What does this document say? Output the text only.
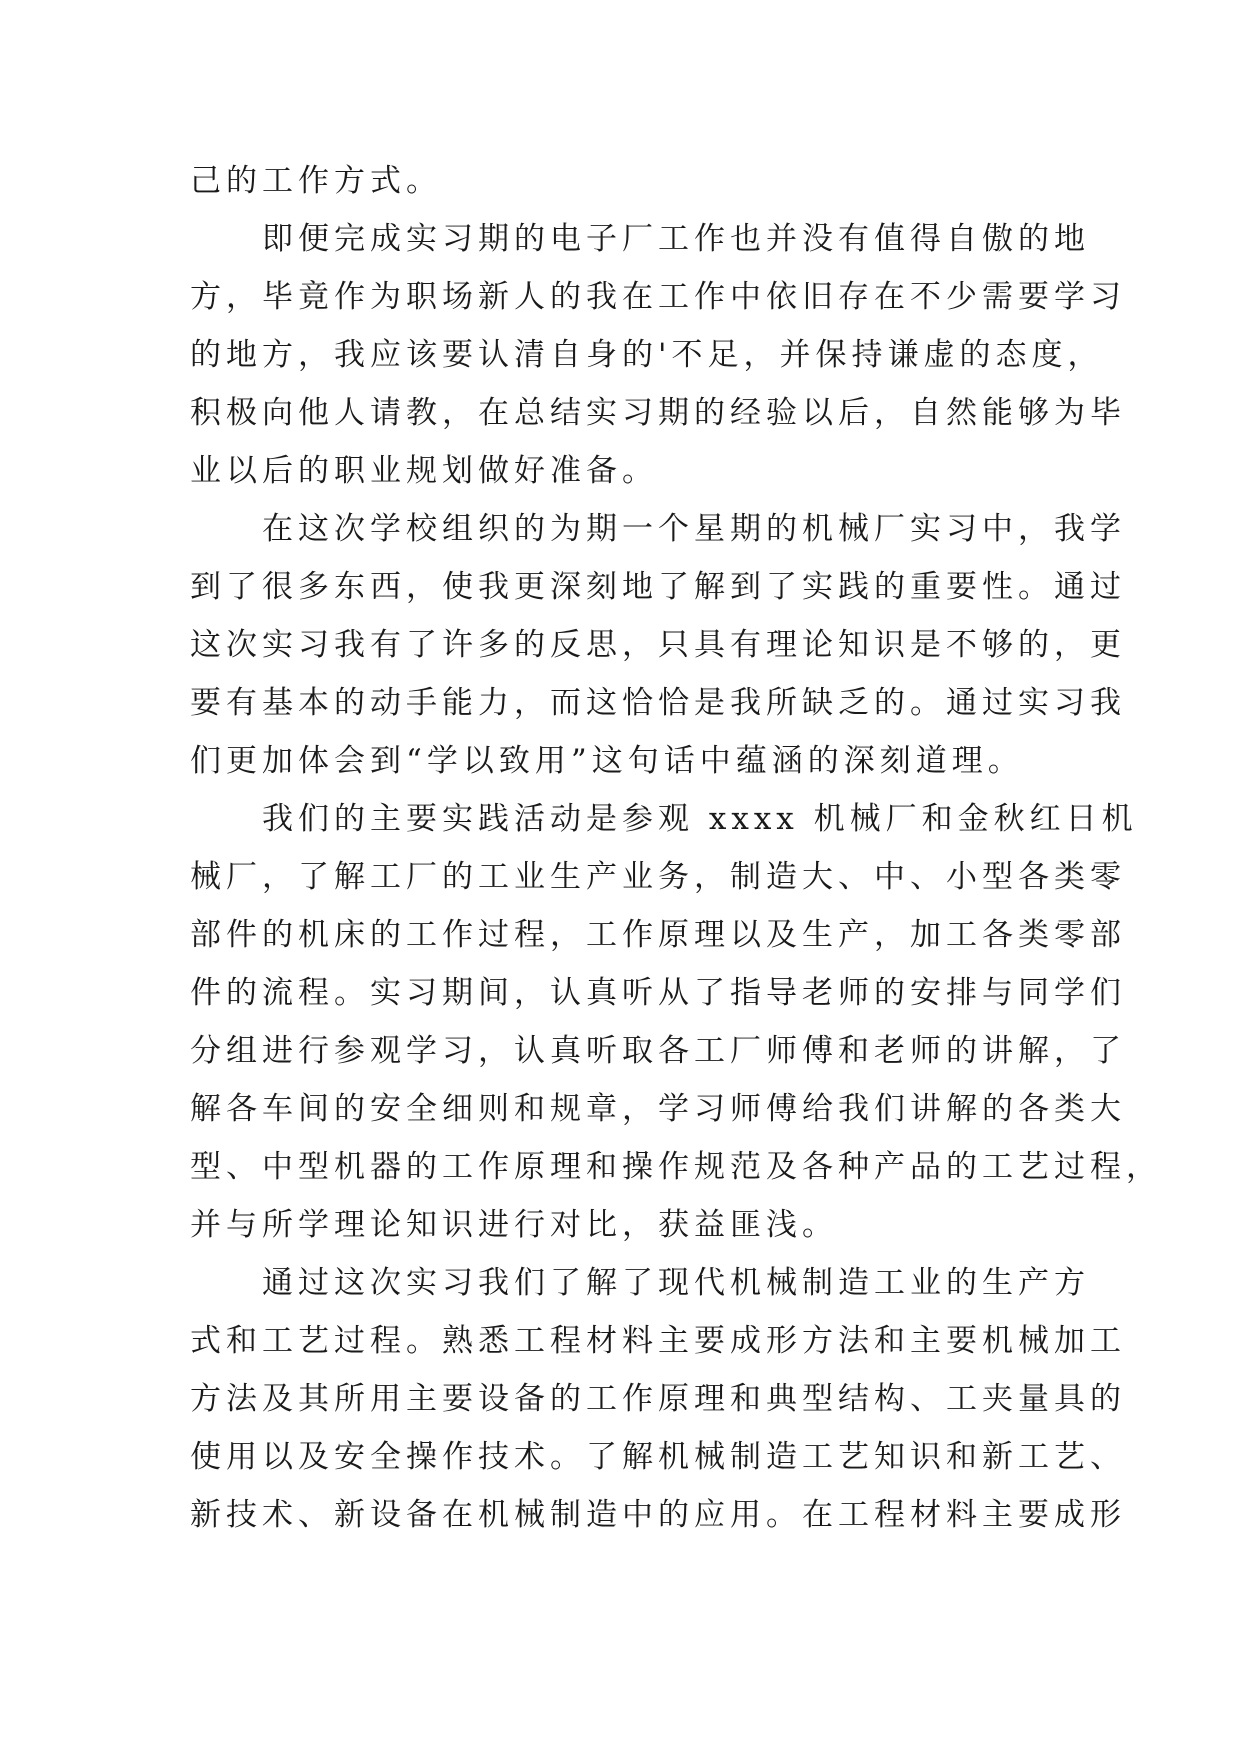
己的工作方式。
即便完成实习期的电子厂工作也并没有值得自傲的地
方，毕竟作为职场新人的我在工作中依旧存在不少需要学习
的地方，我应该要认清自身的'不足，并保持谦虚的态度，
积极向他人请教，在总结实习期的经验以后，自然能够为毕
业以后的职业规划做好准备。
在这次学校组织的为期一个星期的机械厂实习中，我学
到了很多东西，使我更深刻地了解到了实践的重要性。通过
这次实习我有了许多的反思，只具有理论知识是不够的，更
要有基本的动手能力，而这恰恰是我所缺乏的。通过实习我
们更加体会到“学以致用”这句话中蕴涵的深刻道理。
我们的主要实践活动是参观 xxxx 机械厂和金秋红日机
械厂，了解工厂的工业生产业务，制造大、中、小型各类零
部件的机床的工作过程，工作原理以及生产，加工各类零部
件的流程。实习期间，认真听从了指导老师的安排与同学们
分组进行参观学习，认真听取各工厂师傅和老师的讲解，了
解各车间的安全细则和规章，学习师傅给我们讲解的各类大
型、中型机器的工作原理和操作规范及各种产品的工艺过程，
并与所学理论知识进行对比，获益匪浅。
通过这次实习我们了解了现代机械制造工业的生产方
式和工艺过程。熟悉工程材料主要成形方法和主要机械加工
方法及其所用主要设备的工作原理和典型结构、工夹量具的
使用以及安全操作技术。了解机械制造工艺知识和新工艺、
新技术、新设备在机械制造中的应用。在工程材料主要成形
